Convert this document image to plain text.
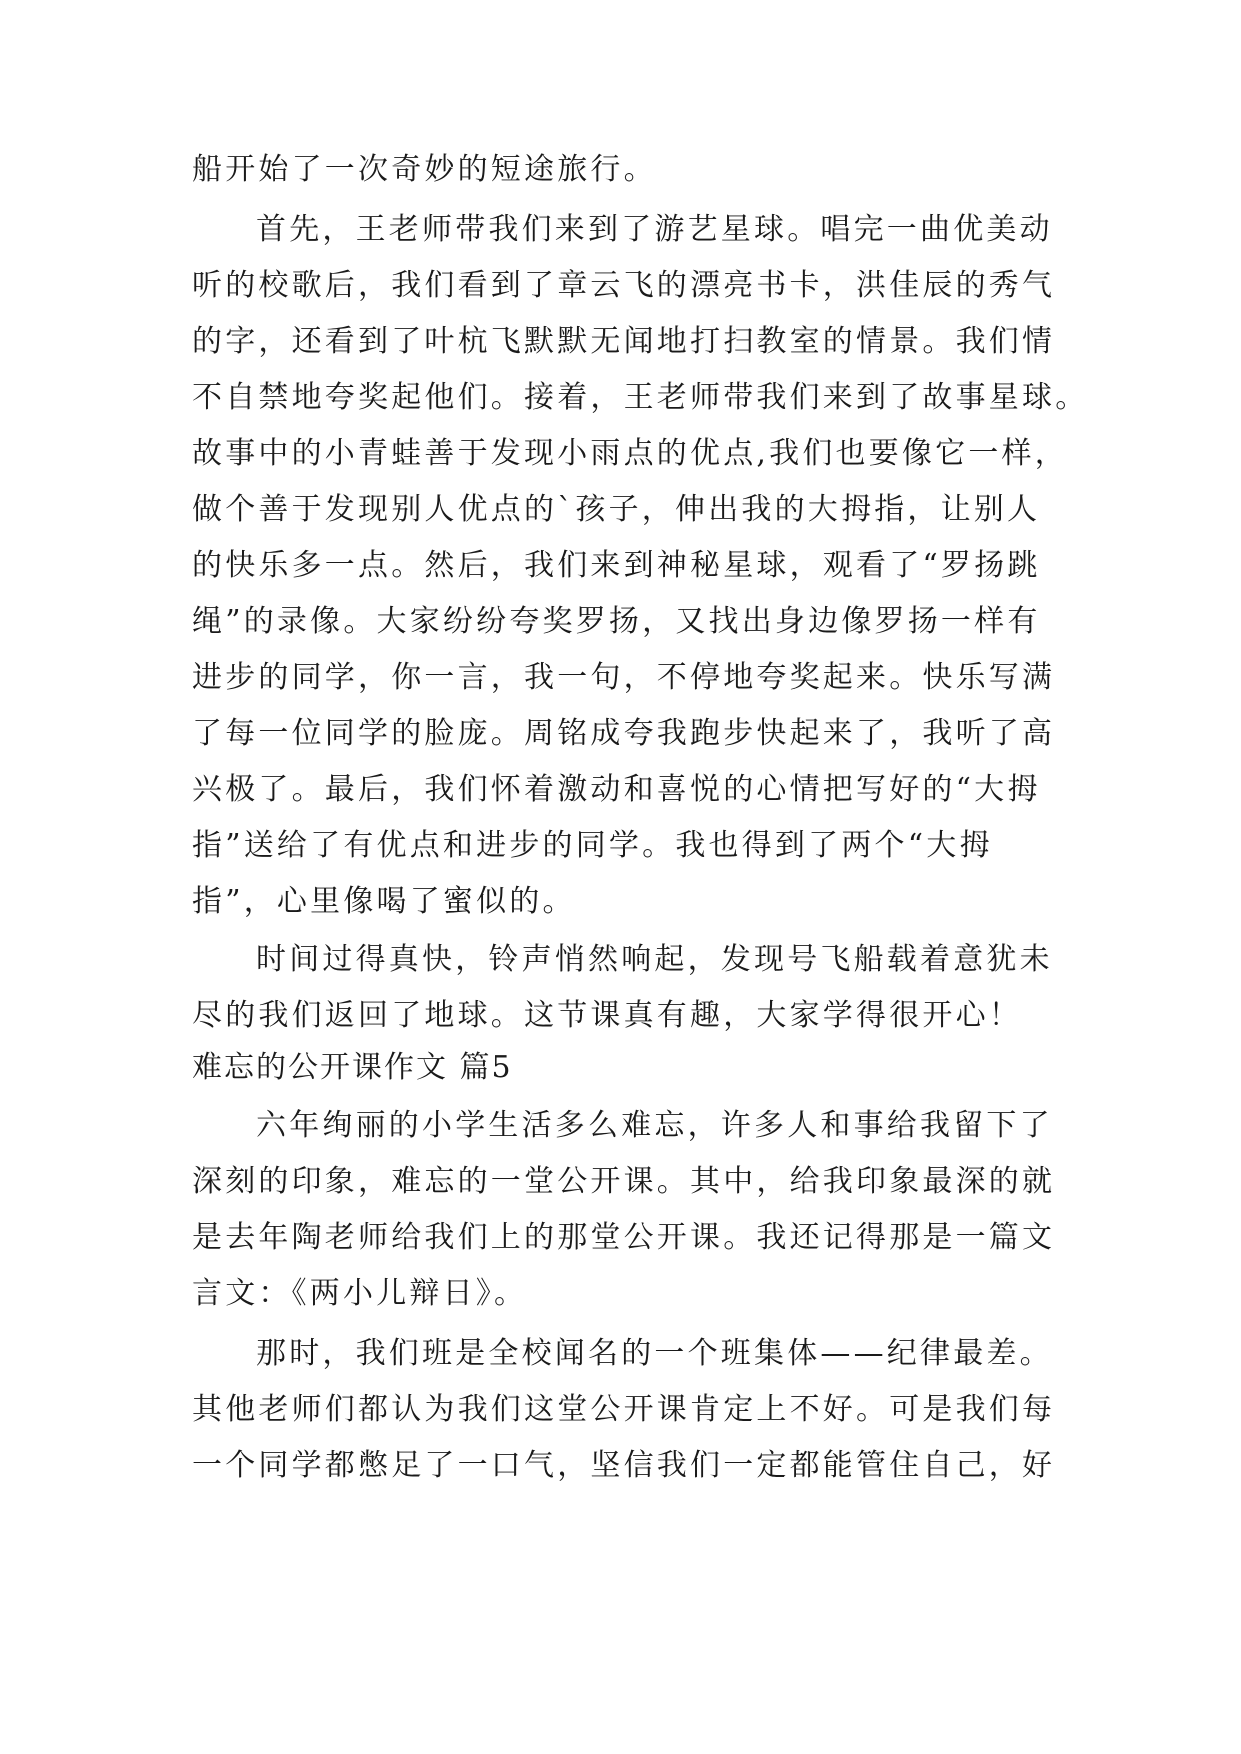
船开始了一次奇妙的短途旅行。
首先，王老师带我们来到了游艺星球。唱完一曲优美动
听的校歌后，我们看到了章云飞的漂亮书卡，洪佳辰的秀气
的字，还看到了叶杭飞默默无闻地打扫教室的情景。我们情
不自禁地夸奖起他们。接着，王老师带我们来到了故事星球。
故事中的小青蛙善于发现小雨点的优点,我们也要像它一样，
做个善于发现别人优点的`孩子，伸出我的大拇指，让别人
的快乐多一点。然后，我们来到神秘星球，观看了“罗扬跳
绳”的录像。大家纷纷夸奖罗扬，又找出身边像罗扬一样有
进步的同学，你一言，我一句，不停地夸奖起来。快乐写满
了每一位同学的脸庞。周铭成夸我跑步快起来了，我听了高
兴极了。最后，我们怀着激动和喜悦的心情把写好的“大拇
指”送给了有优点和进步的同学。我也得到了两个“大拇
指”，心里像喝了蜜似的。
时间过得真快，铃声悄然响起，发现号飞船载着意犹未
尽的我们返回了地球。这节课真有趣，大家学得很开心！
难忘的公开课作文 篇5
六年绚丽的小学生活多么难忘，许多人和事给我留下了
深刻的印象，难忘的一堂公开课。其中，给我印象最深的就
是去年陶老师给我们上的那堂公开课。我还记得那是一篇文
言文：《两小儿辩日》。
那时，我们班是全校闻名的一个班集体——纪律最差。
其他老师们都认为我们这堂公开课肯定上不好。可是我们每
一个同学都憋足了一口气，坚信我们一定都能管住自己，好
